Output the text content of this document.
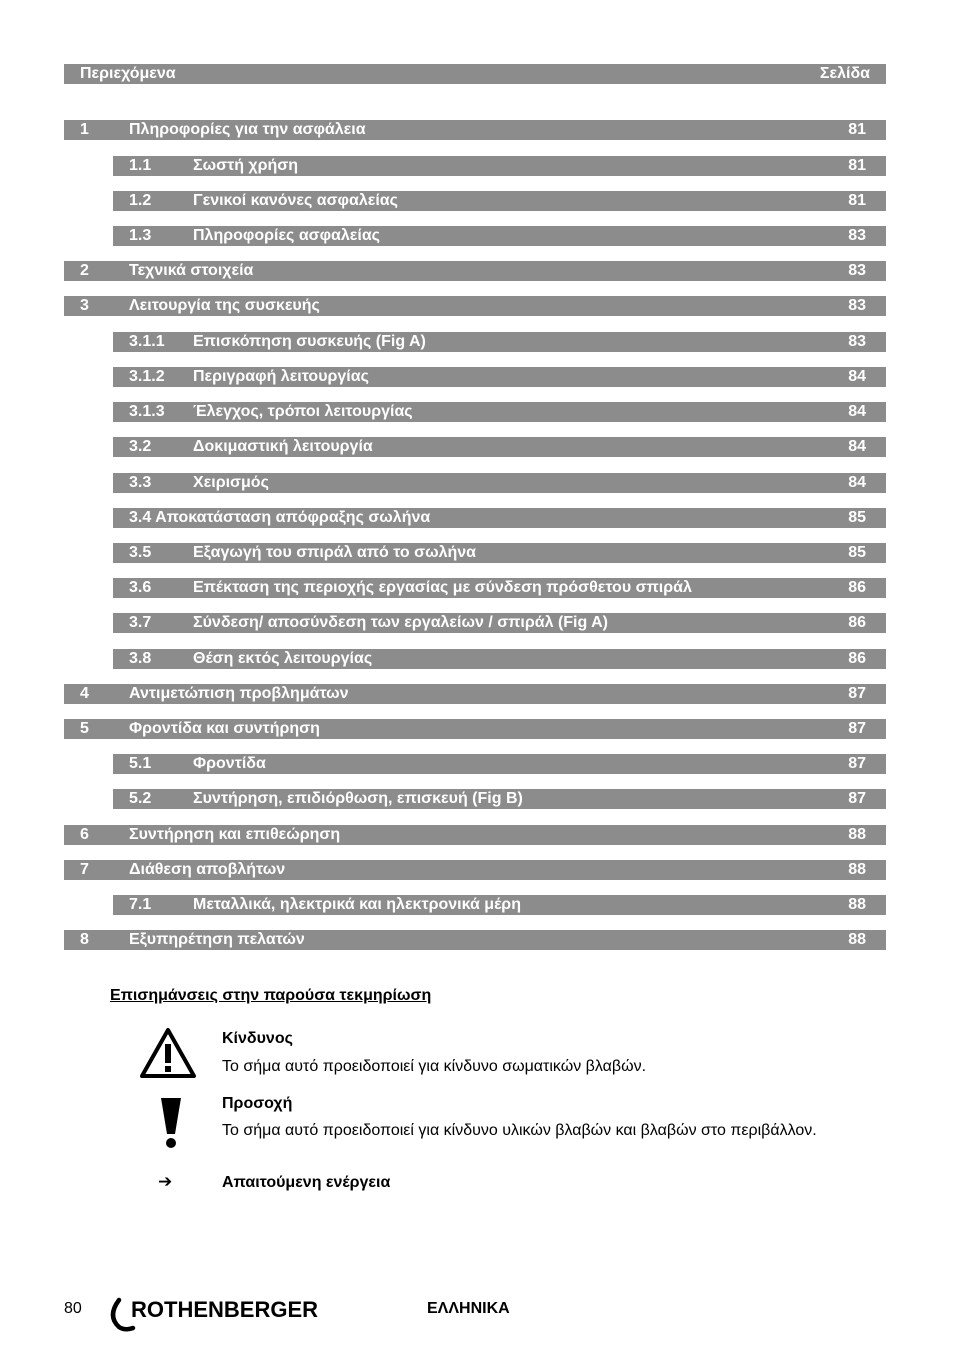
Περιεχόμενα	Σελίδα
1	Πληροφορίες για την ασφάλεια	81
1.1	Σωστή χρήση	81
1.2	Γενικοί κανόνες ασφαλείας	81
1.3	Πληροφορίες ασφαλείας	83
2	Τεχνικά στοιχεία	83
3	Λειτουργία της συσκευής	83
3.1.1 Επισκόπηση συσκευής (Fig A)	83
3.1.2 Περιγραφή λειτουργίας	84
3.1.3 Έλεγχος, τρόποι λειτουργίας	84
3.2	Δοκιμαστική λειτουργία	84
3.3	Χειρισμός	84
3.4 Αποκατάσταση απόφραξης σωλήνα	85
3.5	Εξαγωγή του σπιράλ από το σωλήνα	85
3.6	Επέκταση της περιοχής εργασίας με σύνδεση πρόσθετου σπιράλ	86
3.7	Σύνδεση/ αποσύνδεση των εργαλείων / σπιράλ (Fig A)	86
3.8	Θέση εκτός λειτουργίας	86
4	Αντιμετώπιση προβλημάτων	87
5	Φροντίδα και συντήρηση	87
5.1	Φροντίδα	87
5.2	Συντήρηση, επιδιόρθωση, επισκευή (Fig B)	87
6	Συντήρηση και επιθεώρηση	88
7	Διάθεση αποβλήτων	88
7.1	Μεταλλικά, ηλεκτρικά και ηλεκτρονικά μέρη	88
8	Εξυπηρέτηση πελατών	88
Επισημάνσεις στην παρούσα τεκμηρίωση
Κίνδυνος
Το σήμα αυτό προειδοποιεί για κίνδυνο σωματικών βλαβών.
Προσοχή
Το σήμα αυτό προειδοποιεί για κίνδυνο υλικών βλαβών και βλαβών στο περιβάλλον.
➔	Απαιτούμενη ενέργεια
80 ROTHENBERGER	ΕΛΛΗΝΙΚΑ
